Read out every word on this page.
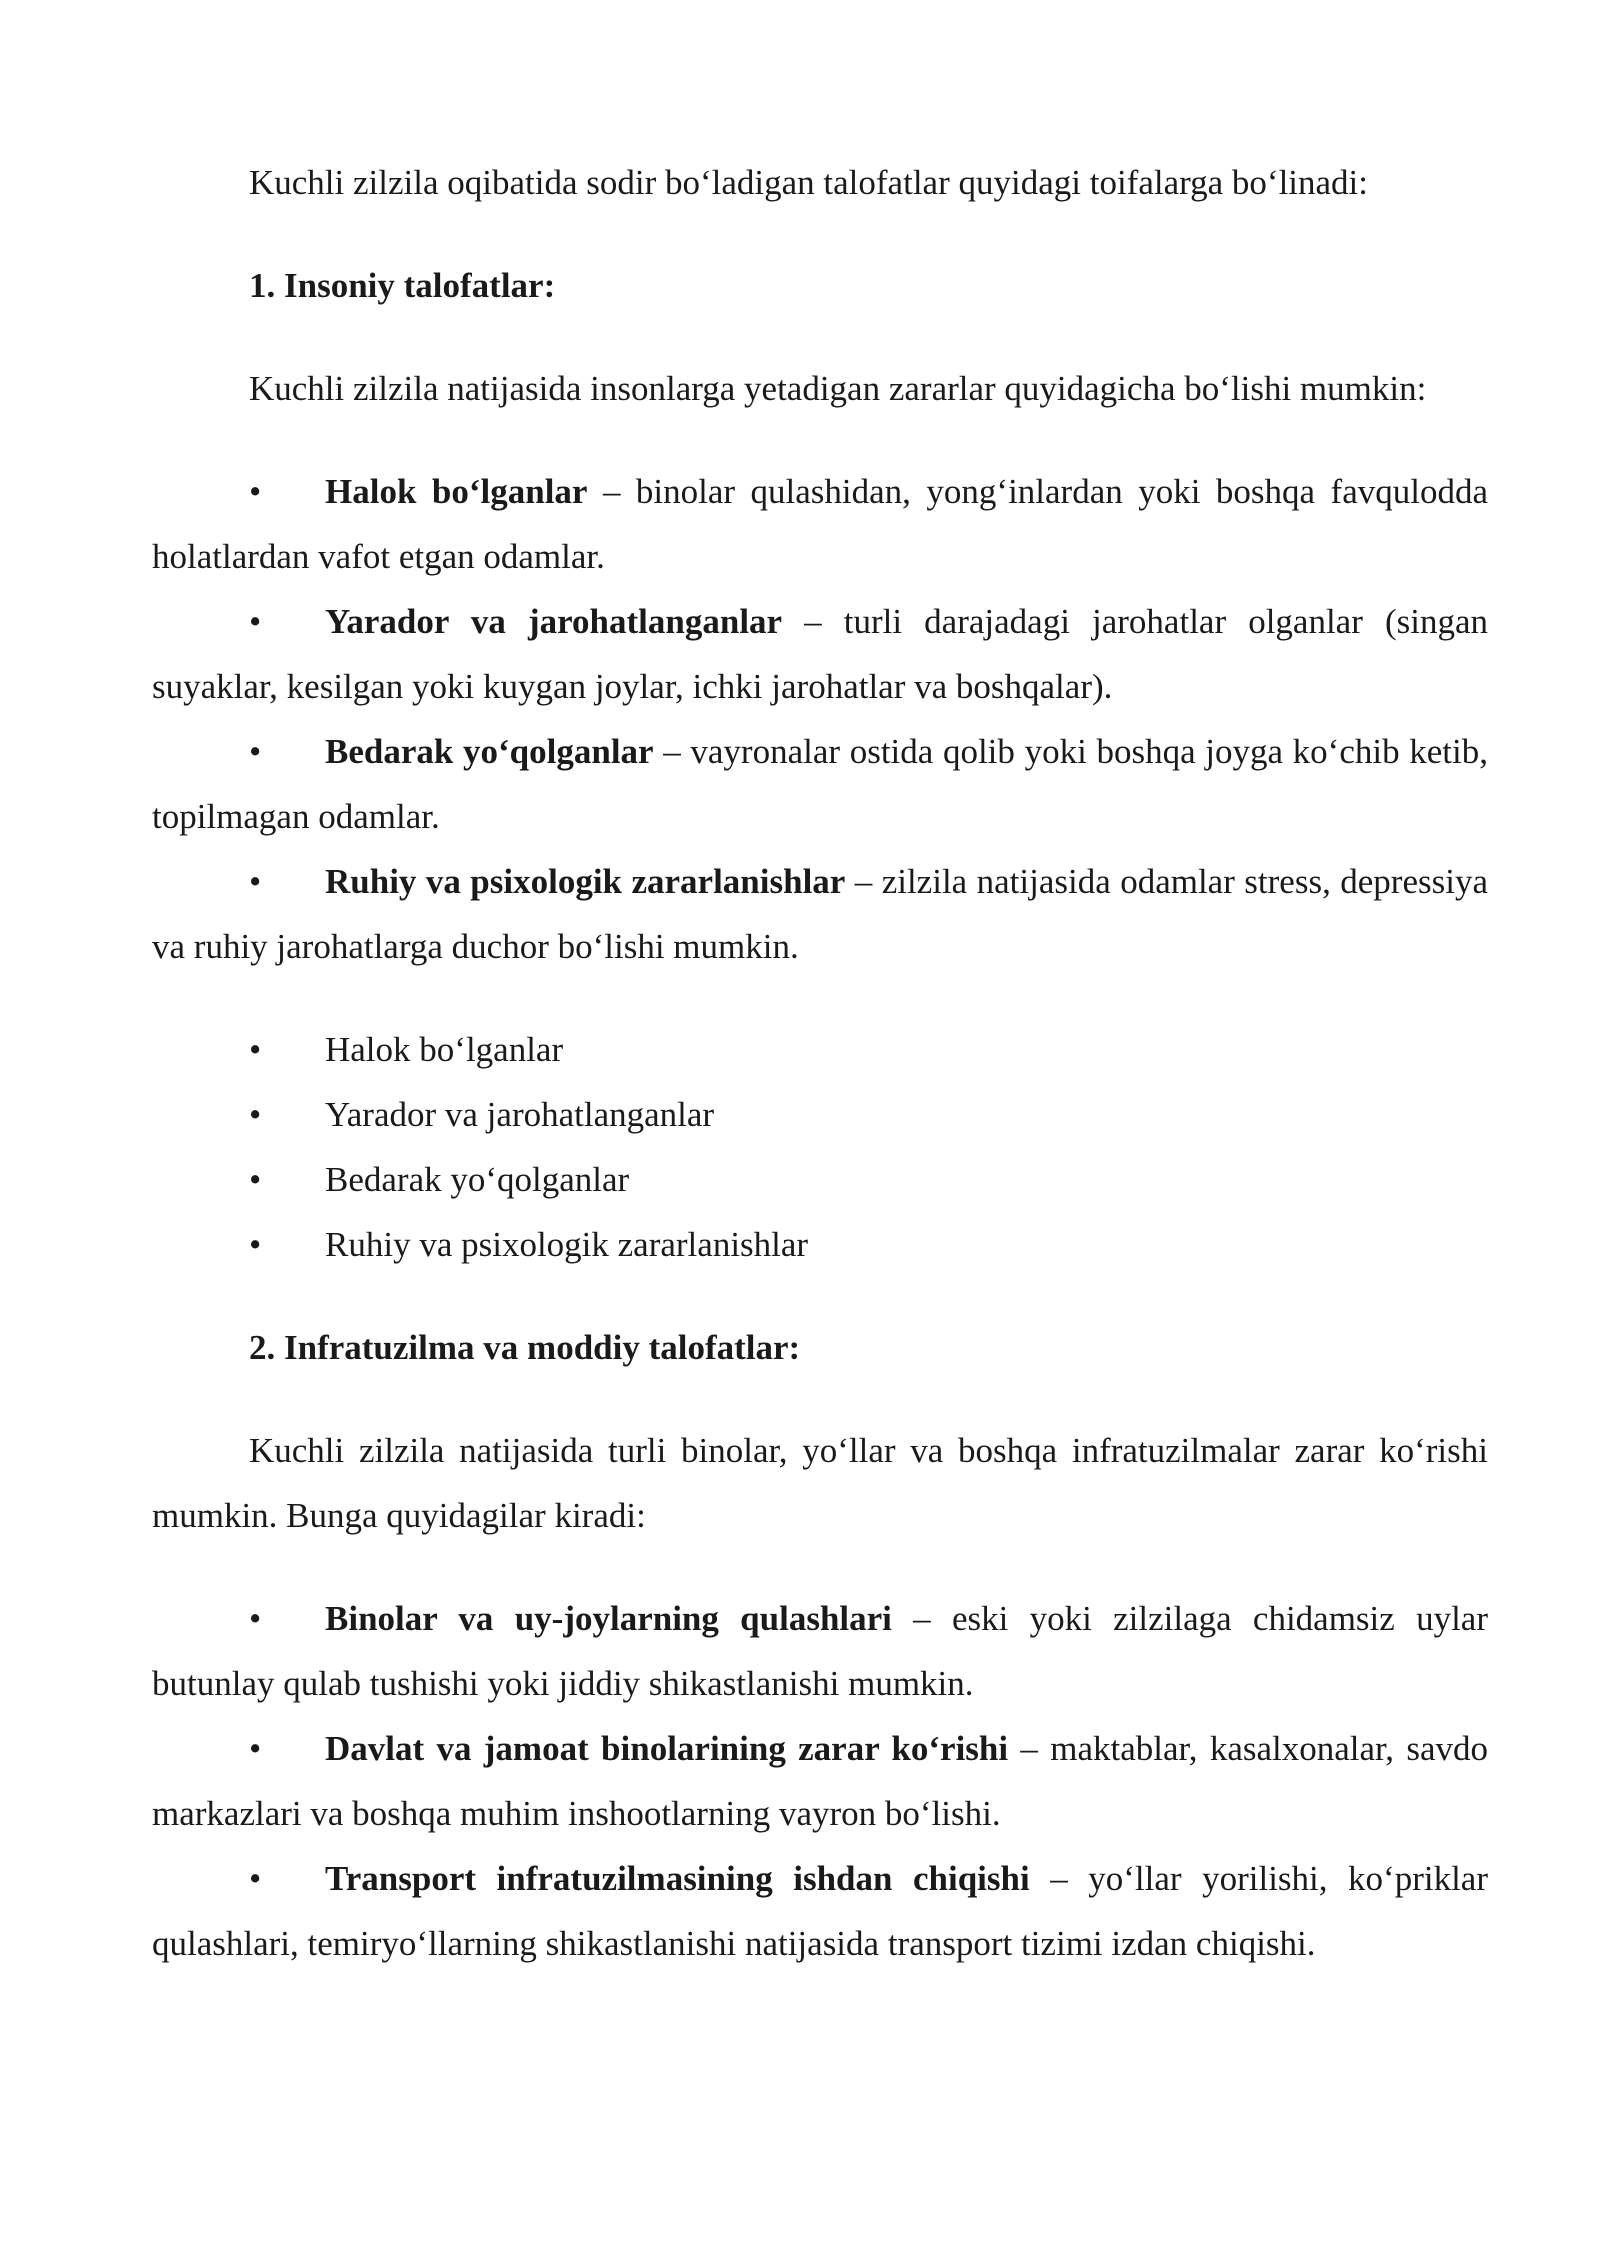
Kuchli zilzila oqibatida sodir bo‘ladigan talofatlar quyidagi toifalarga bo‘linadi:

1. Insoniy talofatlar:

Kuchli zilzila natijasida insonlarga yetadigan zararlar quyidagicha bo‘lishi mumkin:

• Halok bo‘lganlar – binolar qulashidan, yong‘inlardan yoki boshqa favqulodda holatlardan vafot etgan odamlar.

• Yarador va jarohatlanganlar – turli darajadagi jarohatlar olganlar (singan suyaklar, kesilgan yoki kuygan joylar, ichki jarohatlar va boshqalar).

• Bedarak yo‘qolganlar – vayronalar ostida qolib yoki boshqa joyga ko‘chib ketib, topilmagan odamlar.

• Ruhiy va psixologik zararlanishlar – zilzila natijasida odamlar stress, depressiya va ruhiy jarohatlarga duchor bo‘lishi mumkin.

• Halok bo‘lganlar

• Yarador va jarohatlanganlar

• Bedarak yo‘qolganlar

• Ruhiy va psixologik zararlanishlar

2. Infratuzilma va moddiy talofatlar:

Kuchli zilzila natijasida turli binolar, yo‘llar va boshqa infratuzilmalar zarar ko‘rishi mumkin. Bunga quyidagilar kiradi:

• Binolar va uy-joylarning qulashlari – eski yoki zilzilaga chidamsiz uylar butunlay qulab tushishi yoki jiddiy shikastlanishi mumkin.

• Davlat va jamoat binolarining zarar ko‘rishi – maktablar, kasalxonalar, savdo markazlari va boshqa muhim inshootlarning vayron bo‘lishi.

• Transport infratuzilmasining ishdan chiqishi – yo‘llar yorilishi, ko‘priklar qulashlari, temiryo‘llarning shikastlanishi natijasida transport tizimi izdan chiqishi.
